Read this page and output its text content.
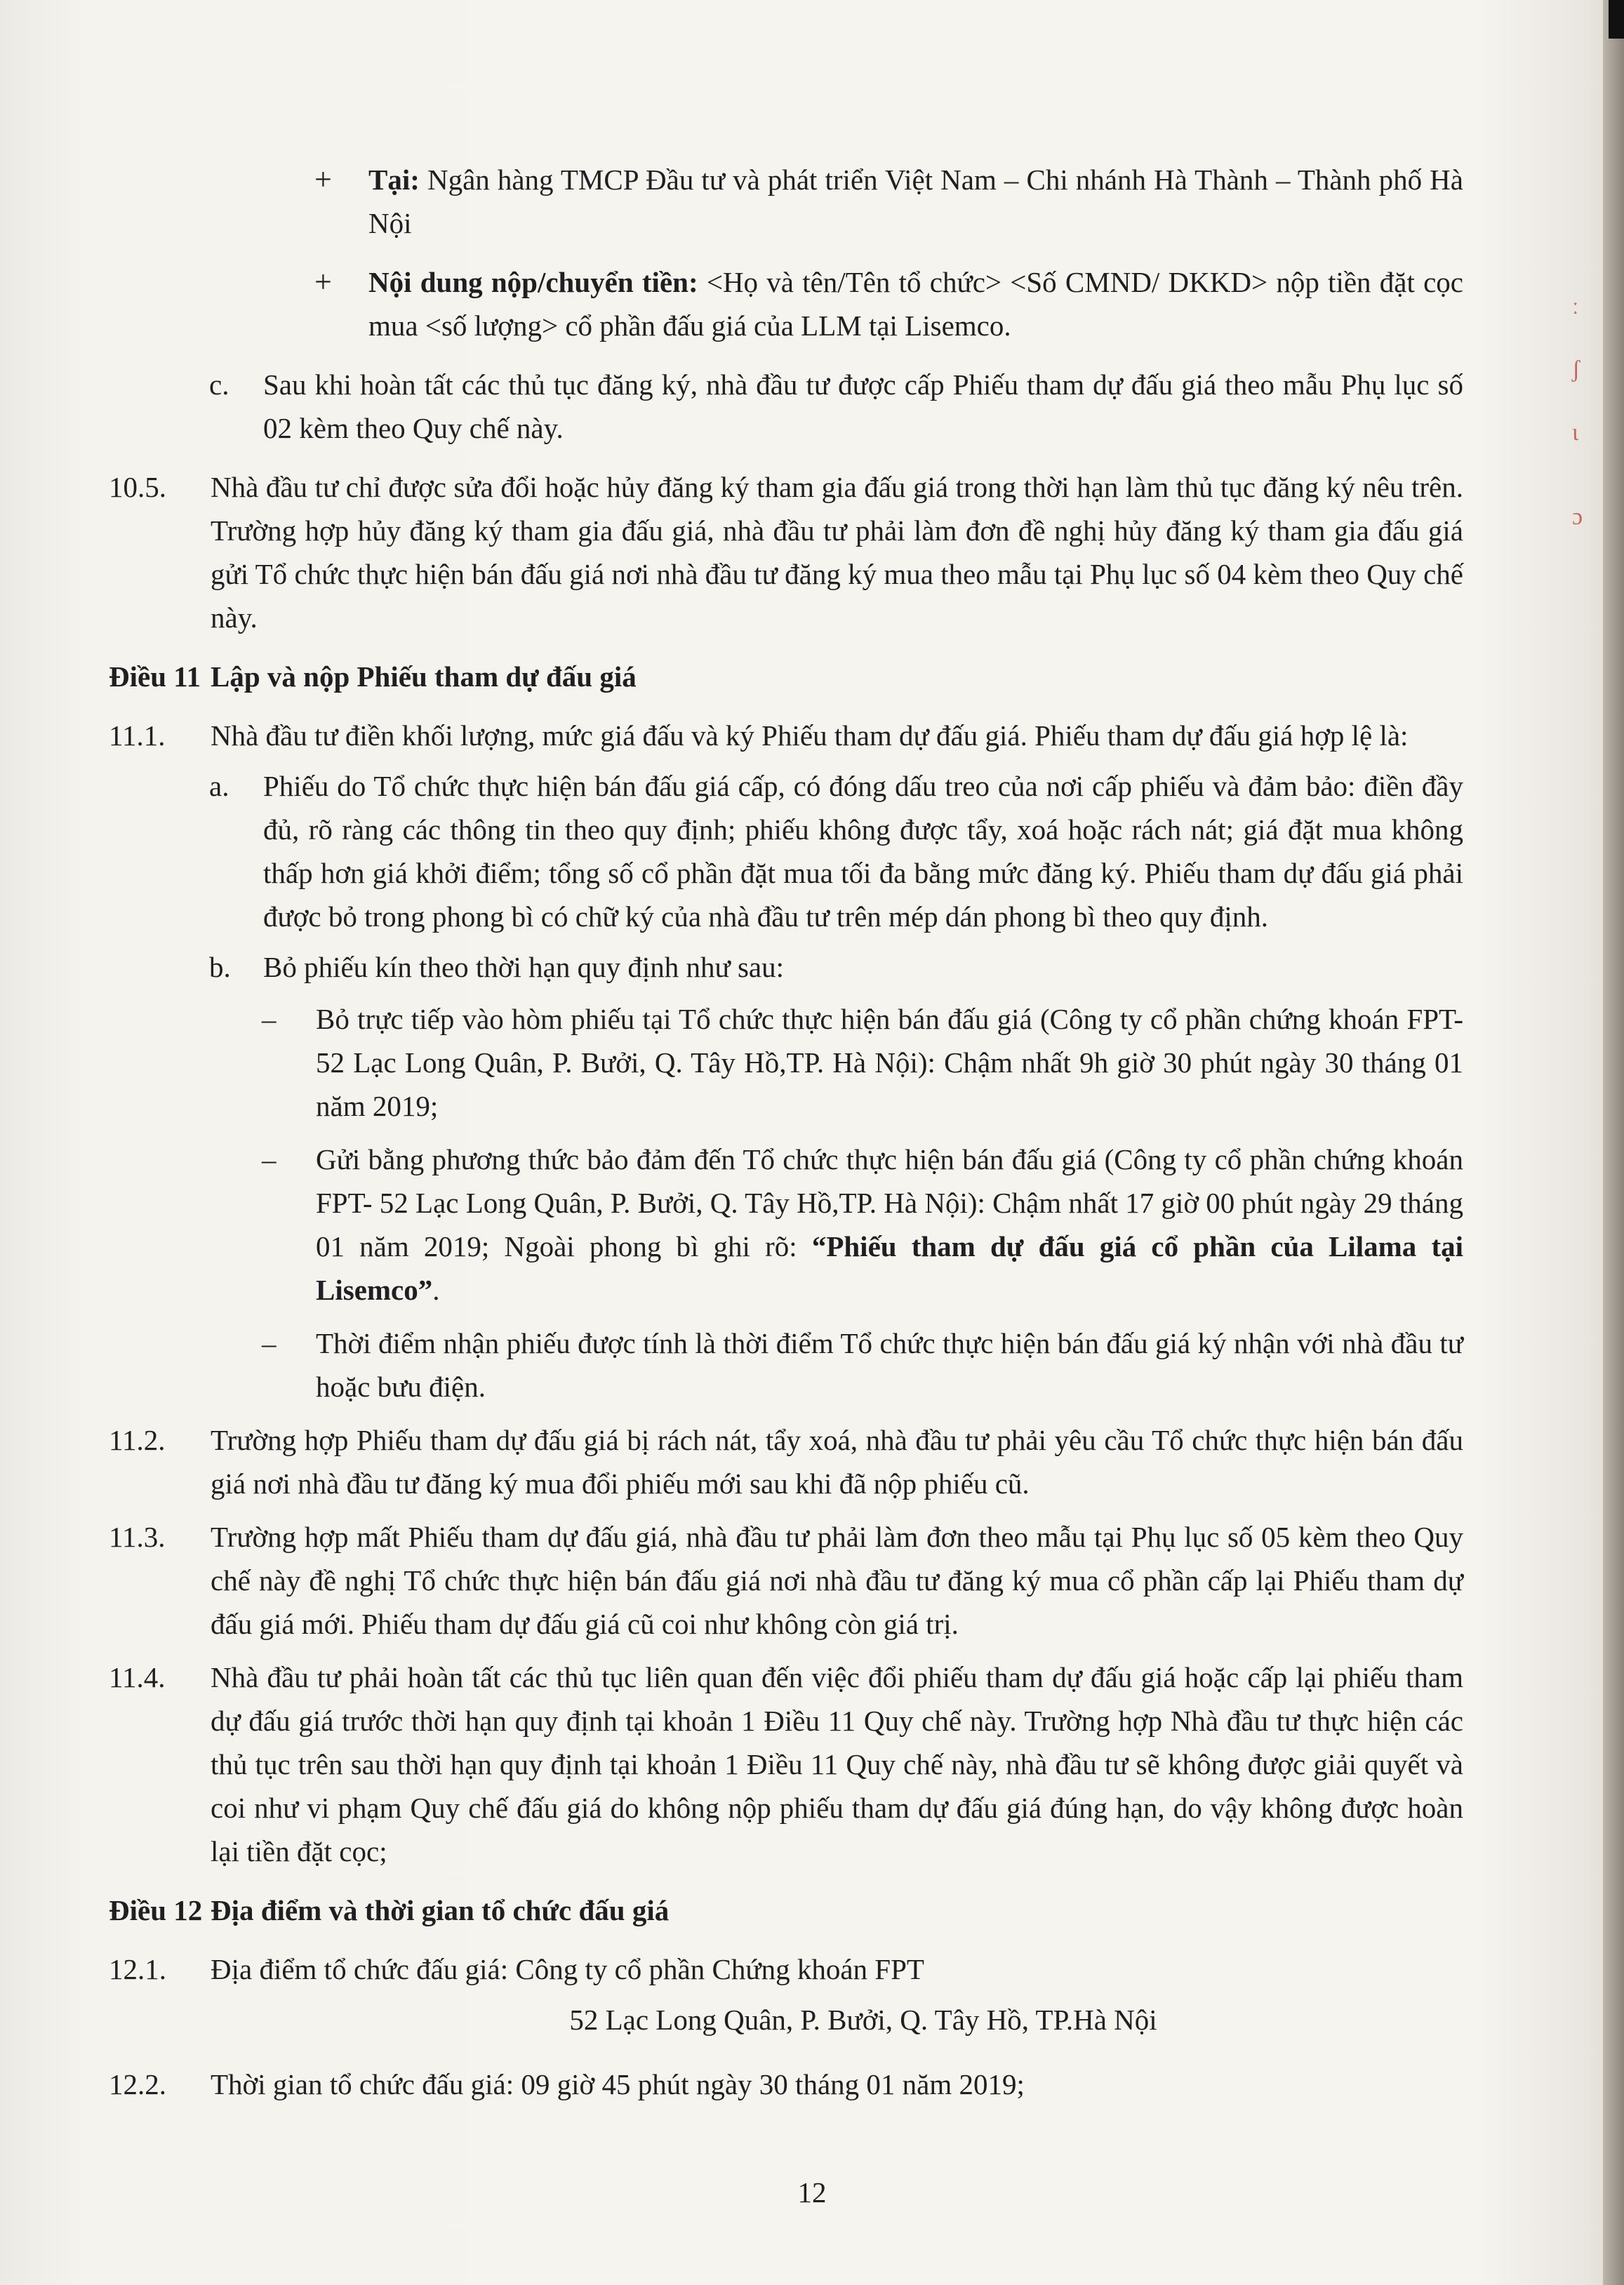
ː
ʃ
ɩ
ɔ

+ Tại: Ngân hàng TMCP Đầu tư và phát triển Việt Nam – Chi nhánh Hà Thành – Thành phố Hà Nội

+ Nội dung nộp/chuyển tiền: <Họ và tên/Tên tổ chức> <Số CMND/ DKKD> nộp tiền đặt cọc mua <số lượng> cổ phần đấu giá của LLM tại Lisemco.

c. Sau khi hoàn tất các thủ tục đăng ký, nhà đầu tư được cấp Phiếu tham dự đấu giá theo mẫu Phụ lục số 02 kèm theo Quy chế này.

10.5. Nhà đầu tư chỉ được sửa đổi hoặc hủy đăng ký tham gia đấu giá trong thời hạn làm thủ tục đăng ký nêu trên. Trường hợp hủy đăng ký tham gia đấu giá, nhà đầu tư phải làm đơn đề nghị hủy đăng ký tham gia đấu giá gửi Tổ chức thực hiện bán đấu giá nơi nhà đầu tư đăng ký mua theo mẫu tại Phụ lục số 04 kèm theo Quy chế này.

Điều 11 Lập và nộp Phiếu tham dự đấu giá

11.1. Nhà đầu tư điền khối lượng, mức giá đấu và ký Phiếu tham dự đấu giá. Phiếu tham dự đấu giá hợp lệ là:

a. Phiếu do Tổ chức thực hiện bán đấu giá cấp, có đóng dấu treo của nơi cấp phiếu và đảm bảo: điền đầy đủ, rõ ràng các thông tin theo quy định; phiếu không được tẩy, xoá hoặc rách nát; giá đặt mua không thấp hơn giá khởi điểm; tổng số cổ phần đặt mua tối đa bằng mức đăng ký. Phiếu tham dự đấu giá phải được bỏ trong phong bì có chữ ký của nhà đầu tư trên mép dán phong bì theo quy định.

b. Bỏ phiếu kín theo thời hạn quy định như sau:

– Bỏ trực tiếp vào hòm phiếu tại Tổ chức thực hiện bán đấu giá (Công ty cổ phần chứng khoán FPT- 52 Lạc Long Quân, P. Bưởi, Q. Tây Hồ,TP. Hà Nội): Chậm nhất 9h giờ 30 phút ngày 30 tháng 01 năm 2019;

– Gửi bằng phương thức bảo đảm đến Tổ chức thực hiện bán đấu giá (Công ty cổ phần chứng khoán FPT- 52 Lạc Long Quân, P. Bưởi, Q. Tây Hồ,TP. Hà Nội): Chậm nhất 17 giờ 00 phút ngày 29 tháng 01 năm 2019; Ngoài phong bì ghi rõ: “Phiếu tham dự đấu giá cổ phần của Lilama tại Lisemco”.

– Thời điểm nhận phiếu được tính là thời điểm Tổ chức thực hiện bán đấu giá ký nhận với nhà đầu tư hoặc bưu điện.

11.2. Trường hợp Phiếu tham dự đấu giá bị rách nát, tẩy xoá, nhà đầu tư phải yêu cầu Tổ chức thực hiện bán đấu giá nơi nhà đầu tư đăng ký mua đổi phiếu mới sau khi đã nộp phiếu cũ.

11.3. Trường hợp mất Phiếu tham dự đấu giá, nhà đầu tư phải làm đơn theo mẫu tại Phụ lục số 05 kèm theo Quy chế này đề nghị Tổ chức thực hiện bán đấu giá nơi nhà đầu tư đăng ký mua cổ phần cấp lại Phiếu tham dự đấu giá mới. Phiếu tham dự đấu giá cũ coi như không còn giá trị.

11.4. Nhà đầu tư phải hoàn tất các thủ tục liên quan đến việc đổi phiếu tham dự đấu giá hoặc cấp lại phiếu tham dự đấu giá trước thời hạn quy định tại khoản 1 Điều 11 Quy chế này. Trường hợp Nhà đầu tư thực hiện các thủ tục trên sau thời hạn quy định tại khoản 1 Điều 11 Quy chế này, nhà đầu tư sẽ không được giải quyết và coi như vi phạm Quy chế đấu giá do không nộp phiếu tham dự đấu giá đúng hạn, do vậy không được hoàn lại tiền đặt cọc;

Điều 12 Địa điểm và thời gian tổ chức đấu giá

12.1. Địa điểm tổ chức đấu giá: Công ty cổ phần Chứng khoán FPT

52 Lạc Long Quân, P. Bưởi, Q. Tây Hồ, TP.Hà Nội

12.2. Thời gian tổ chức đấu giá: 09 giờ 45 phút ngày 30 tháng 01 năm 2019;

12
